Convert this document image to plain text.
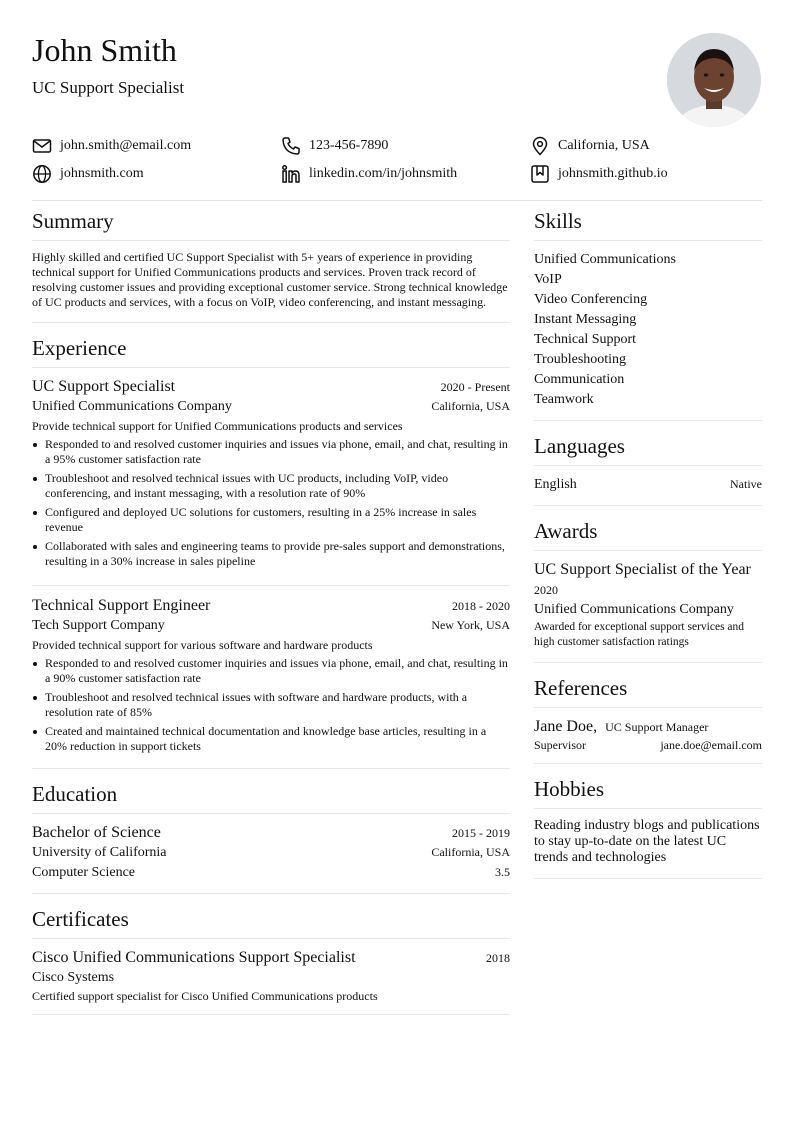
John Smith
UC Support Specialist
john.smith@email.com	123-456-7890	California, USA
johnsmith.com	linkedin.com/in/johnsmith	johnsmith.github.io
Summary
Highly skilled and certified UC Support Specialist with 5+ years of experience in providing technical support for Unified Communications products and services. Proven track record of resolving customer issues and providing exceptional customer service. Strong technical knowledge of UC products and services, with a focus on VoIP, video conferencing, and instant messaging.
Experience
UC Support Specialist	2020 - Present
Unified Communications Company	California, USA
Provide technical support for Unified Communications products and services
Responded to and resolved customer inquiries and issues via phone, email, and chat, resulting in a 95% customer satisfaction rate
Troubleshoot and resolved technical issues with UC products, including VoIP, video conferencing, and instant messaging, with a resolution rate of 90%
Configured and deployed UC solutions for customers, resulting in a 25% increase in sales revenue
Collaborated with sales and engineering teams to provide pre-sales support and demonstrations, resulting in a 30% increase in sales pipeline
Technical Support Engineer	2018 - 2020
Tech Support Company	New York, USA
Provided technical support for various software and hardware products
Responded to and resolved customer inquiries and issues via phone, email, and chat, resulting in a 90% customer satisfaction rate
Troubleshoot and resolved technical issues with software and hardware products, with a resolution rate of 85%
Created and maintained technical documentation and knowledge base articles, resulting in a 20% reduction in support tickets
Education
Bachelor of Science	2015 - 2019
University of California	California, USA
Computer Science	3.5
Certificates
Cisco Unified Communications Support Specialist	2018
Cisco Systems
Certified support specialist for Cisco Unified Communications products
Skills
Unified Communications
VoIP
Video Conferencing
Instant Messaging
Technical Support
Troubleshooting
Communication
Teamwork
Languages
English	Native
Awards
UC Support Specialist of the Year
2020
Unified Communications Company
Awarded for exceptional support services and high customer satisfaction ratings
References
Jane Doe, UC Support Manager
Supervisor	jane.doe@email.com
Hobbies
Reading industry blogs and publications to stay up-to-date on the latest UC trends and technologies
